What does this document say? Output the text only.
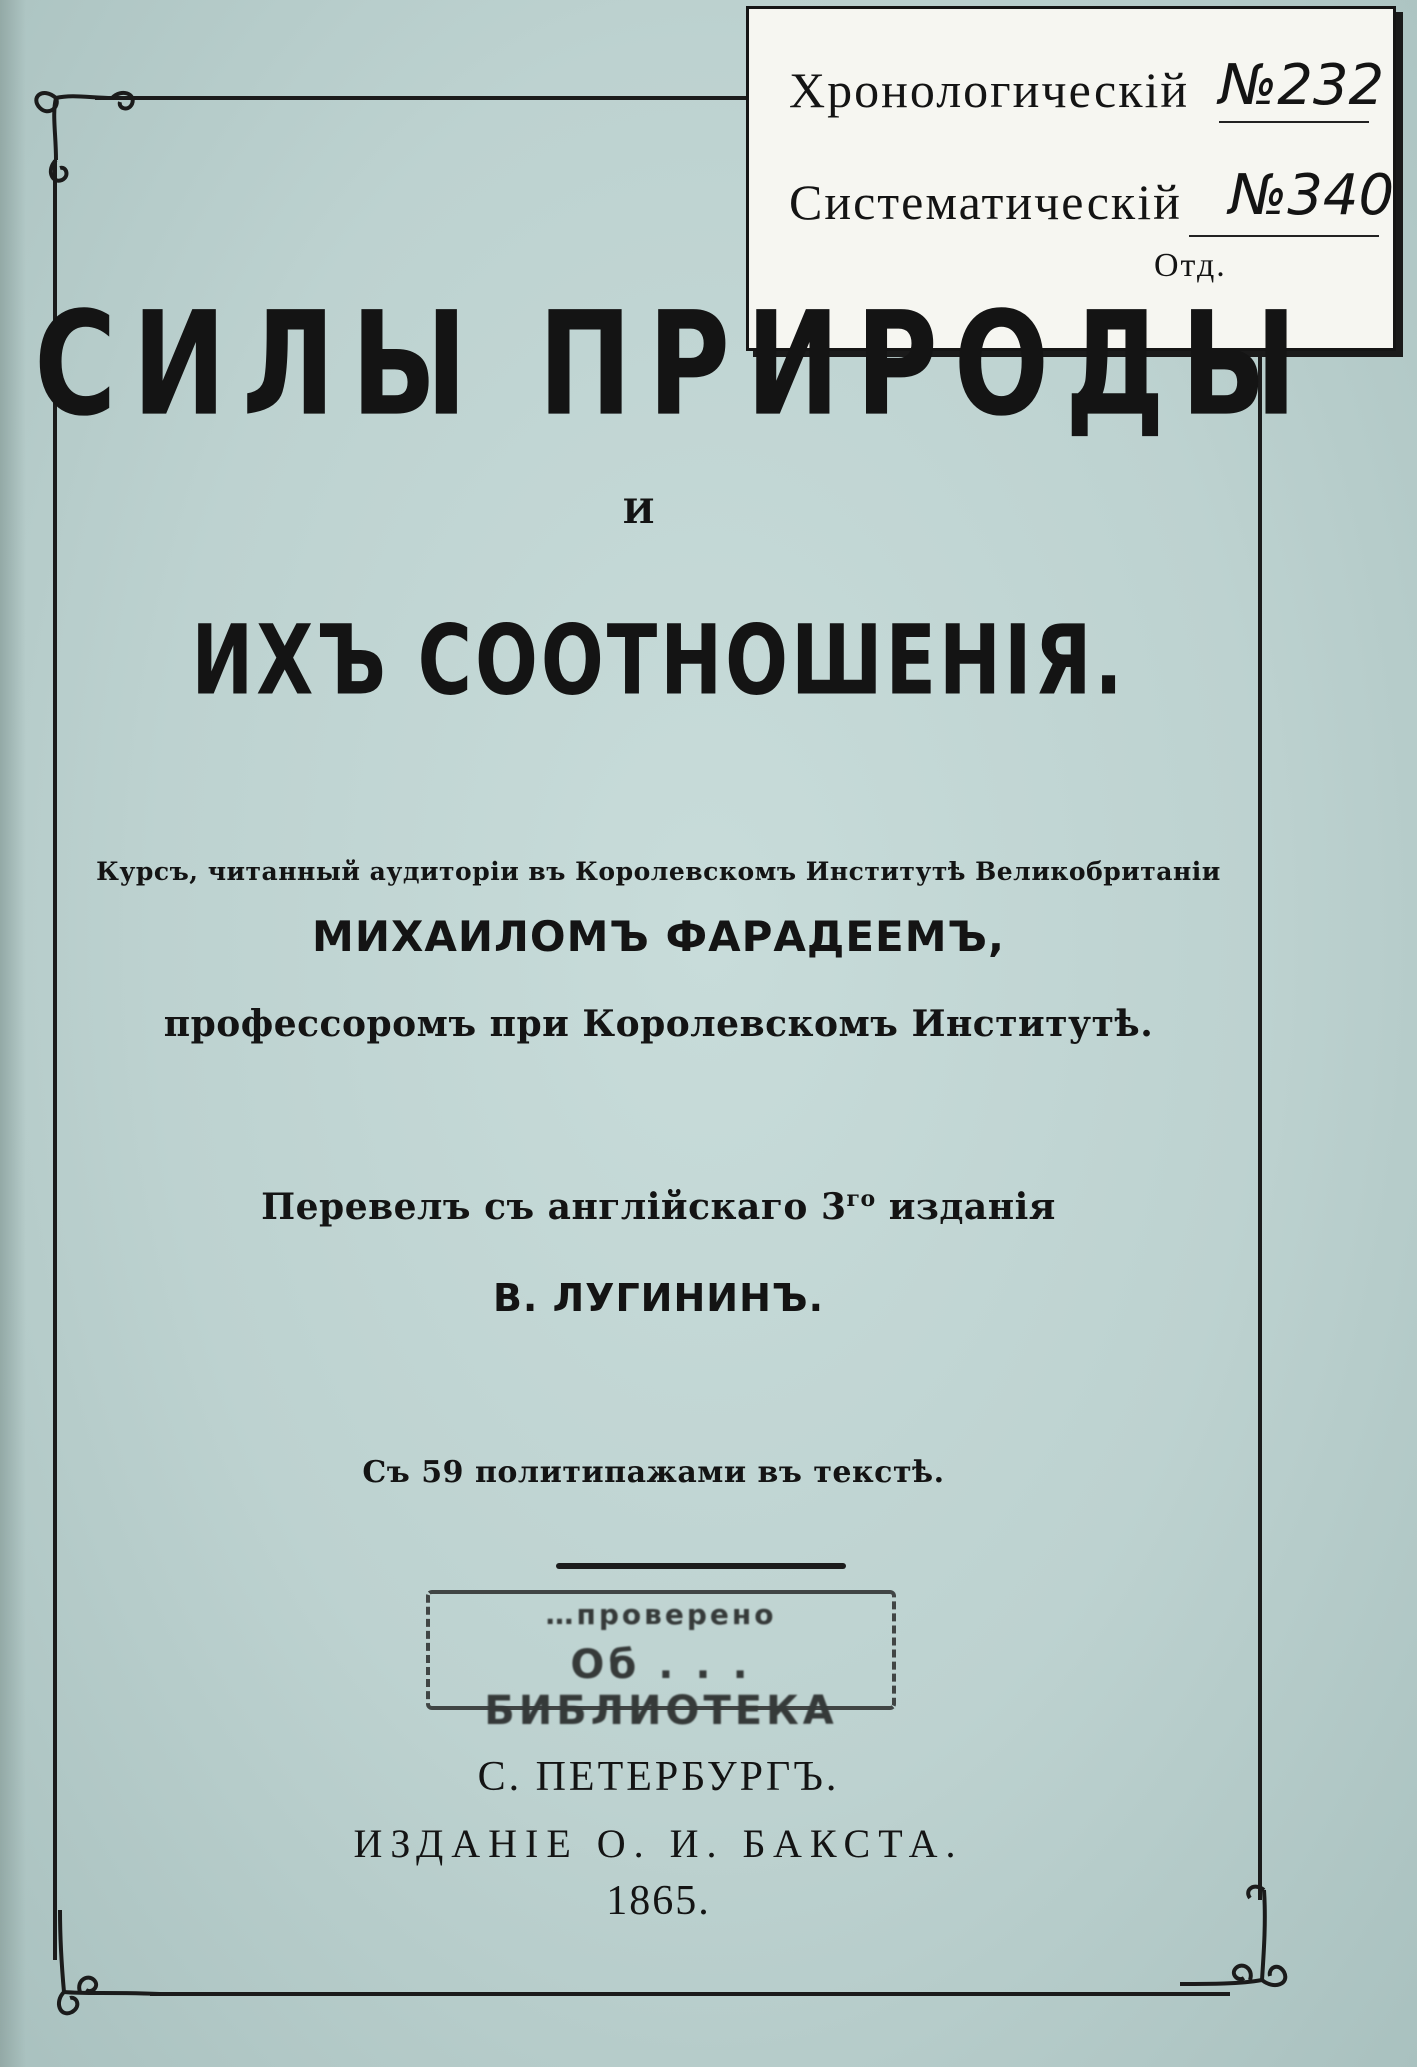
Хронологическій №232
Систематическій №340
Отд.
СИЛЫ ПРИРОДЫ
И
ИХЪ СООТНОШЕНІЯ.
Курсъ, читанный аудиторіи въ Королевскомъ Институтѣ Великобританіи
МИХАИЛОМЪ ФАРАДЕЕМЪ,
профессоромъ при Королевскомъ Институтѣ.
Перевелъ съ англійскаго $3^{го}$ изданія
В. ЛУГИНИНЪ.
Съ 59 политипажами въ текстѣ.
…проверено
Об . . . БИБЛИОТЕКА
С. ПЕТЕРБУРГЪ.
ИЗДАНІЕ О. И. БАКСТА.
1865.
